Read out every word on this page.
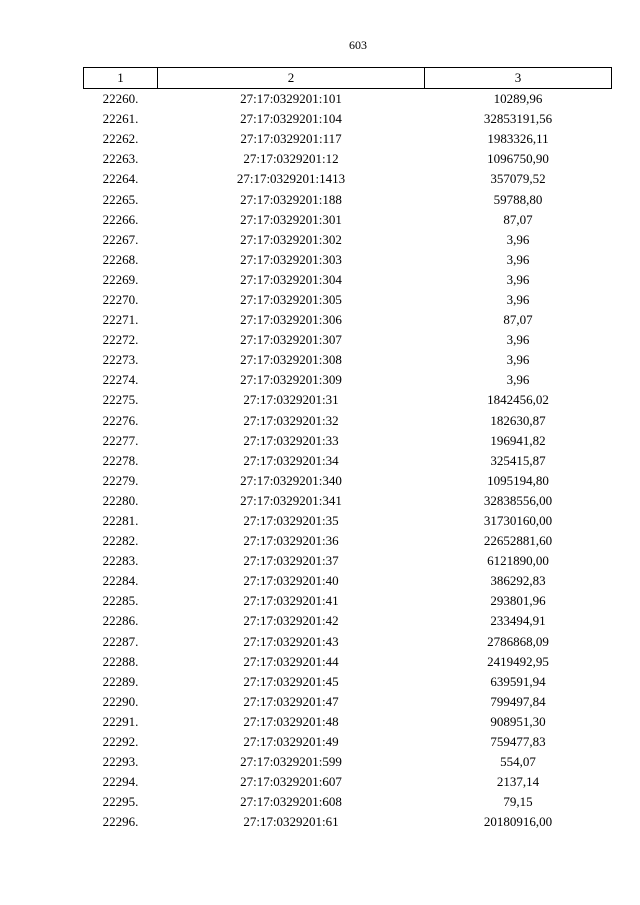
603
1	2	3
22260.	27:17:0329201:101	10289,96
22261.	27:17:0329201:104	32853191,56
22262.	27:17:0329201:117	1983326,11
22263.	27:17:0329201:12	1096750,90
22264.	27:17:0329201:1413	357079,52
22265.	27:17:0329201:188	59788,80
22266.	27:17:0329201:301	87,07
22267.	27:17:0329201:302	3,96
22268.	27:17:0329201:303	3,96
22269.	27:17:0329201:304	3,96
22270.	27:17:0329201:305	3,96
22271.	27:17:0329201:306	87,07
22272.	27:17:0329201:307	3,96
22273.	27:17:0329201:308	3,96
22274.	27:17:0329201:309	3,96
22275.	27:17:0329201:31	1842456,02
22276.	27:17:0329201:32	182630,87
22277.	27:17:0329201:33	196941,82
22278.	27:17:0329201:34	325415,87
22279.	27:17:0329201:340	1095194,80
22280.	27:17:0329201:341	32838556,00
22281.	27:17:0329201:35	31730160,00
22282.	27:17:0329201:36	22652881,60
22283.	27:17:0329201:37	6121890,00
22284.	27:17:0329201:40	386292,83
22285.	27:17:0329201:41	293801,96
22286.	27:17:0329201:42	233494,91
22287.	27:17:0329201:43	2786868,09
22288.	27:17:0329201:44	2419492,95
22289.	27:17:0329201:45	639591,94
22290.	27:17:0329201:47	799497,84
22291.	27:17:0329201:48	908951,30
22292.	27:17:0329201:49	759477,83
22293.	27:17:0329201:599	554,07
22294.	27:17:0329201:607	2137,14
22295.	27:17:0329201:608	79,15
22296.	27:17:0329201:61	20180916,00
